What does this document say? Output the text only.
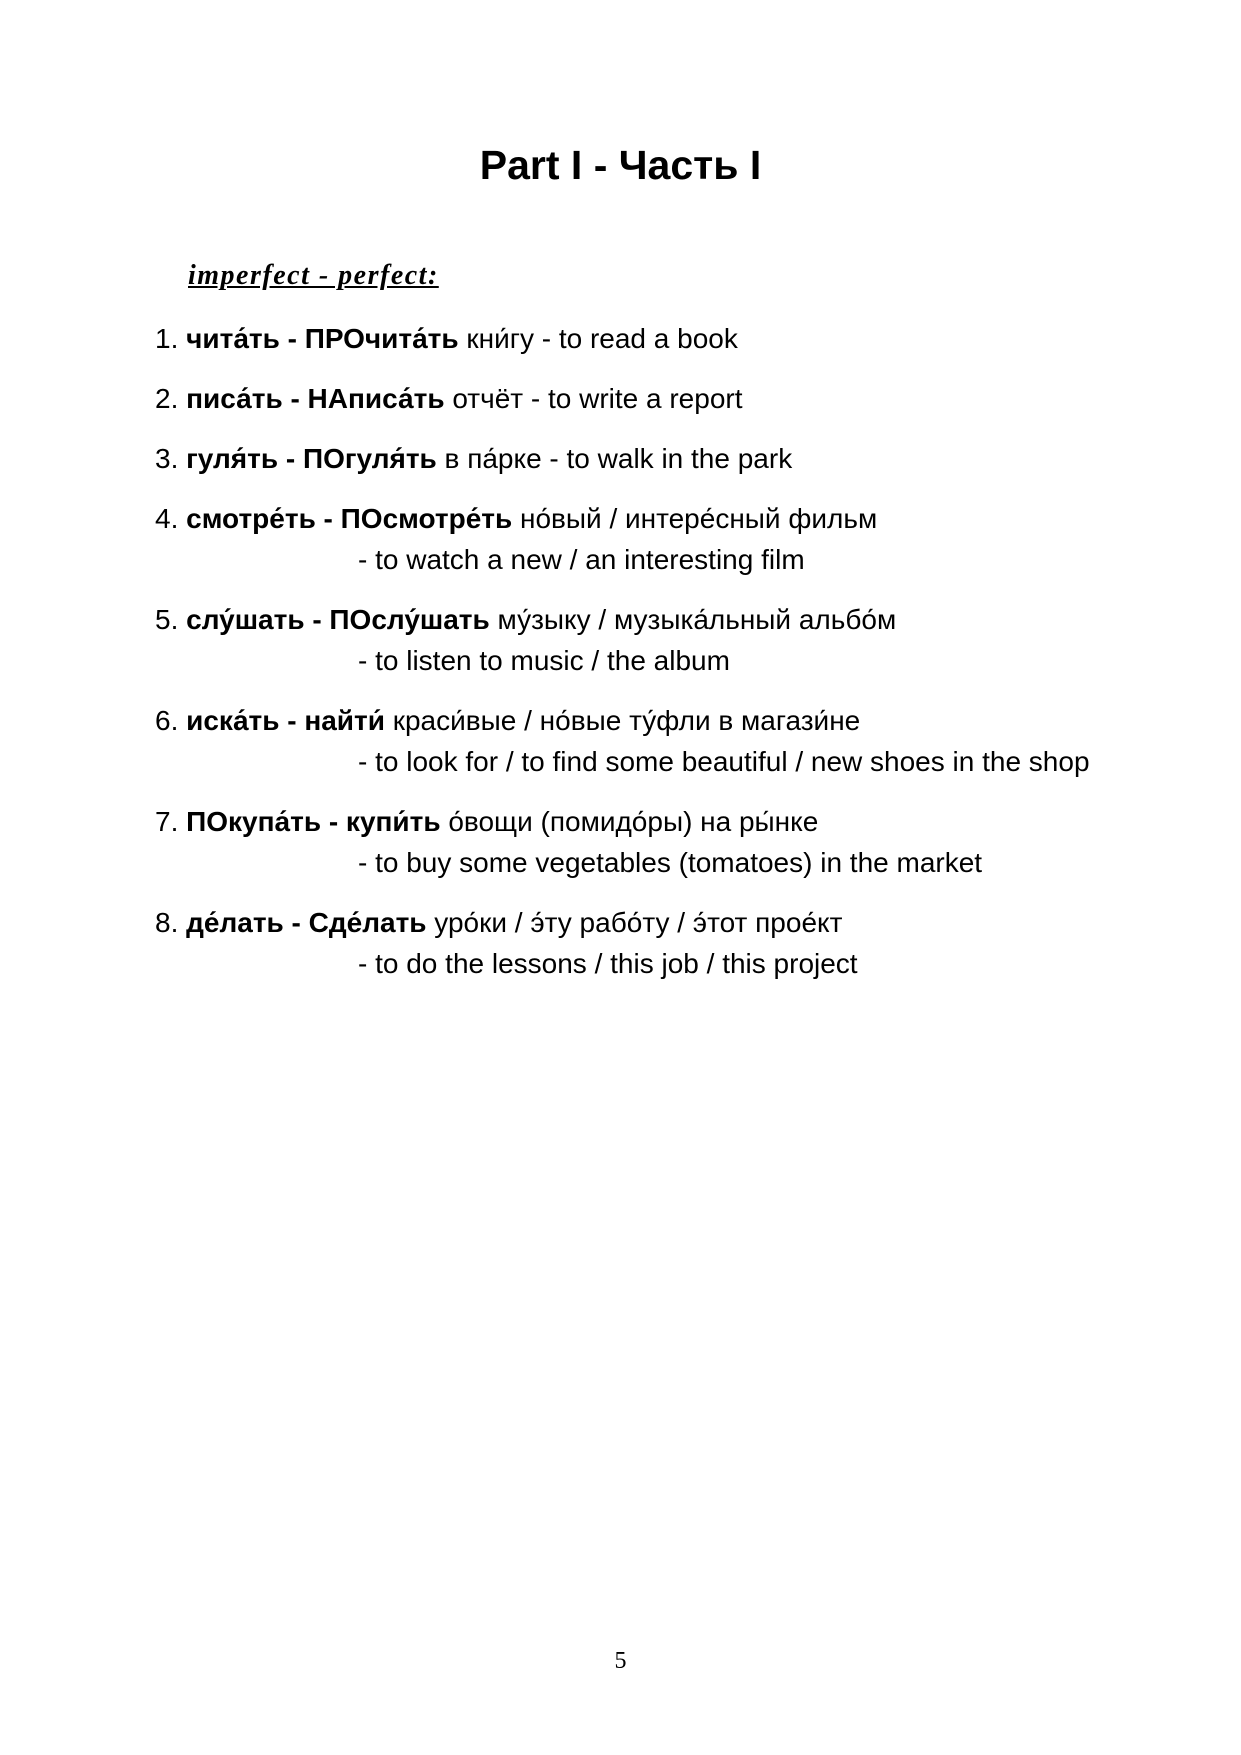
Part I - Часть I
imperfect - perfect:
1. чита́ть - ПРОчита́ть кни́гу - to read a book
2. писа́ть - НАписа́ть отчёт - to write a report
3. гуля́ть - ПОгуля́ть в па́рке - to walk in the park
4. смотре́ть - ПОсмотре́ть но́вый / интере́сный фильм
- to watch a new / an interesting film
5. слу́шать - ПОслу́шать му́зыку / музыка́льный альбо́м
- to listen to music / the album
6. иска́ть - найти́ краси́вые / но́вые ту́фли в магази́не
- to look for / to find some beautiful / new shoes in the shop
7. ПОкупа́ть - купи́ть о́вощи (помидо́ры) на ры́нке
- to buy some vegetables (tomatoes) in the market
8. де́лать - Сде́лать уро́ки / э́ту рабо́ту / э́тот прое́кт
- to do the lessons / this job / this project
5
